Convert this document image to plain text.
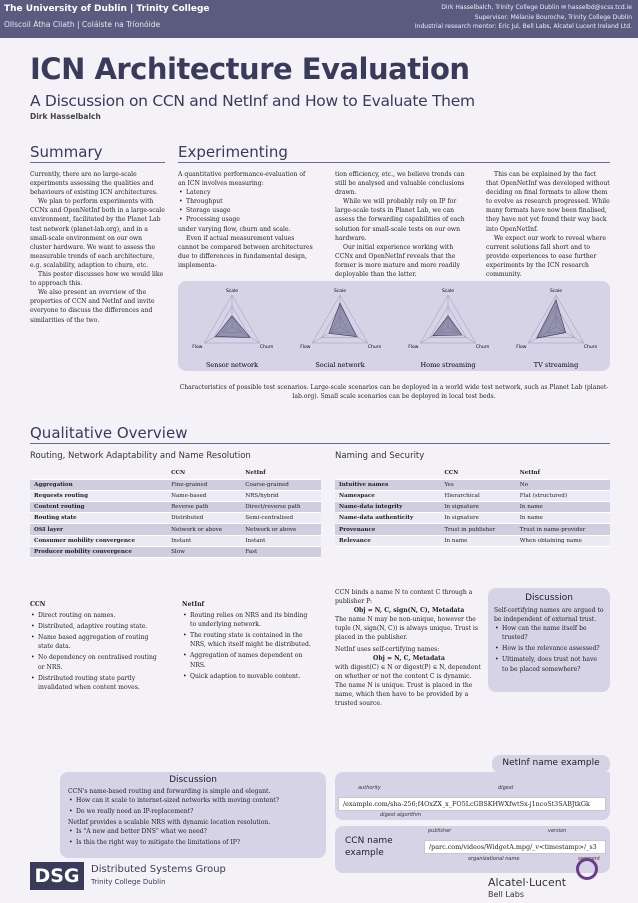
The University of Dublin | Trinity College
Ollscoil Átha Cliath | Coláiste na Tríonóide
Dirk Hasselbalch, Trinity College Dublin ✉ hasselbd@scss.tcd.ie
Supervisor: Mélanie Bouroche, Trinity College Dublin
Industrial research mentor: Eric Jul, Bell Labs, Alcatel Lucent Ireland Ltd.
ICN Architecture Evaluation
A Discussion on CCN and NetInf and How to Evaluate Them
Dirk Hasselbalch
Summary

Currently, there are no large-scale experiments assessing the qualities and behaviours of existing ICN architectures.

We plan to perform experiments with CCNx and OpenNetInf both in a large-scale environment, facilitated by the Planet Lab test network (planet-lab.org), and in a small-scale environment on our own cluster hardware. We want to assess the measurable trends of each architecture, e.g. scalability, adaption to churn, etc.

This poster discusses how we would like to approach this.

We also present an overview of the properties of CCN and NetInf and invite everyone to discuss the differences and similarities of the two.

Experimenting

A quantitative performance-evaluation of an ICN involves measuring:

• Latency
• Throughput
• Storage usage
• Processing usage

under varying flow, churn and scale.

Even if actual measurement values cannot be compared between architectures due to differences in fundamental design, implementa-

tion efficiency, etc., we believe trends can still be analysed and valuable conclusions drawn.

While we will probably rely on IP for large-scale tests in Planet Lab, we can assess the forwarding capabilities of each solution for small-scale tests on our own hardware.

Our initial experience working with CCNx and OpenNetInf reveals that the former is more mature and more readily deployable than the latter.

This can be explained by the fact that OpenNetInf was developed without deciding on final formats to allow them to evolve as research progressed. While many formats have now been finalised, they have not yet found their way back into OpenNetInf.

We expect our work to reveal where current solutions fall short and to provide experiences to ease further experiments by the ICN research community.

Scale
Flow	Churn
Sensor network
Scale
Flow	Churn
Social network
Scale
Flow	Churn
Home streaming
Scale
Flow	Churn
TV streaming
Characteristics of possible test scenarios. Large-scale scenarios can be deployed in a world wide test network, such as Planet Lab (planet-lab.org). Small scale scenarios can be deployed in local test beds.
Qualitative Overview
Routing, Network Adaptability and Name Resolution
	CCN	NetInf
Aggregation	Fine-grained	Coarse-grained
Requests routing	Name-based	NRS/hybrid
Content routing	Reverse path	Direct/reverse path
Routing state	Distributed	Semi-centralised
OSI layer	Network or above	Network or above
Consumer mobility convergence	Instant	Instant
Producer mobility convergence	Slow	Fast
Naming and Security
	CCN	NetInf
Intuitive names	Yes	No
Namespace	Hierarchical	Flat (structured)
Name-data integrity	In signature	In name
Name-data authenticity	In signature	In name
Provenance	Trust in publisher	Trust in name-provider
Relevance	In name	When obtaining name

CCN

• Direct routing on names.
• Distributed, adaptive routing state.
• Name based aggregation of routing state data.
• No dependency on centralised routing or NRS.
• Distributed routing state partly invalidated when content moves.

NetInf

• Routing relies on NRS and its binding to underlying network.
• The routing state is contained in the NRS, which itself might be distributed.
• Aggregation of names dependent on NRS.
• Quick adaption to movable content.

CCN binds a name N to content C through a publisher P:

Obj = N, C, sign(N, C), Metadata

The name N may be non-unique, however the tuple (N, sign(N, C)) is always unique. Trust is placed in the publisher.

NetInf uses self-certifying names:

Obj = N, C, Metadata

with digest(C) ∈ N or digest(P) ∈ N, dependent on whether or not the content C is dynamic. The name N is unique. Trust is placed in the name, which then have to be provided by a trusted source.

Discussion

Self-certifying names are argued to be independent of external trust.

• How can the name itself be trusted?
• How is the relevance assessed?
• Ultimately, does trust not have to be placed somewhere?
Discussion

CCN's name-based routing and forwarding is simple and elegant.

• How can it scale to internet-sized networks with moving content?
• Do we really need an IP-replacement?

NetInf provides a scalable NRS with dynamic location resolution.

• Is "A new and better DNS" what we need?
• Is this the right way to mitigate the limitations of IP?
NetInf name example
authority	digest
/example.com/sha-256;f4OxZX_x_FO5LcGBSKHWXfwtSx-j1ncoSt3SABJtkGk
digest algorithm
CCN name example
publisher	version
/parc.com/videos/WidgetA.mpg/_v<timestamp>/_s3
organizational name	segment
DSG	Distributed Systems Group
Trinity College Dublin	Alcatel·Lucent
Bell Labs
